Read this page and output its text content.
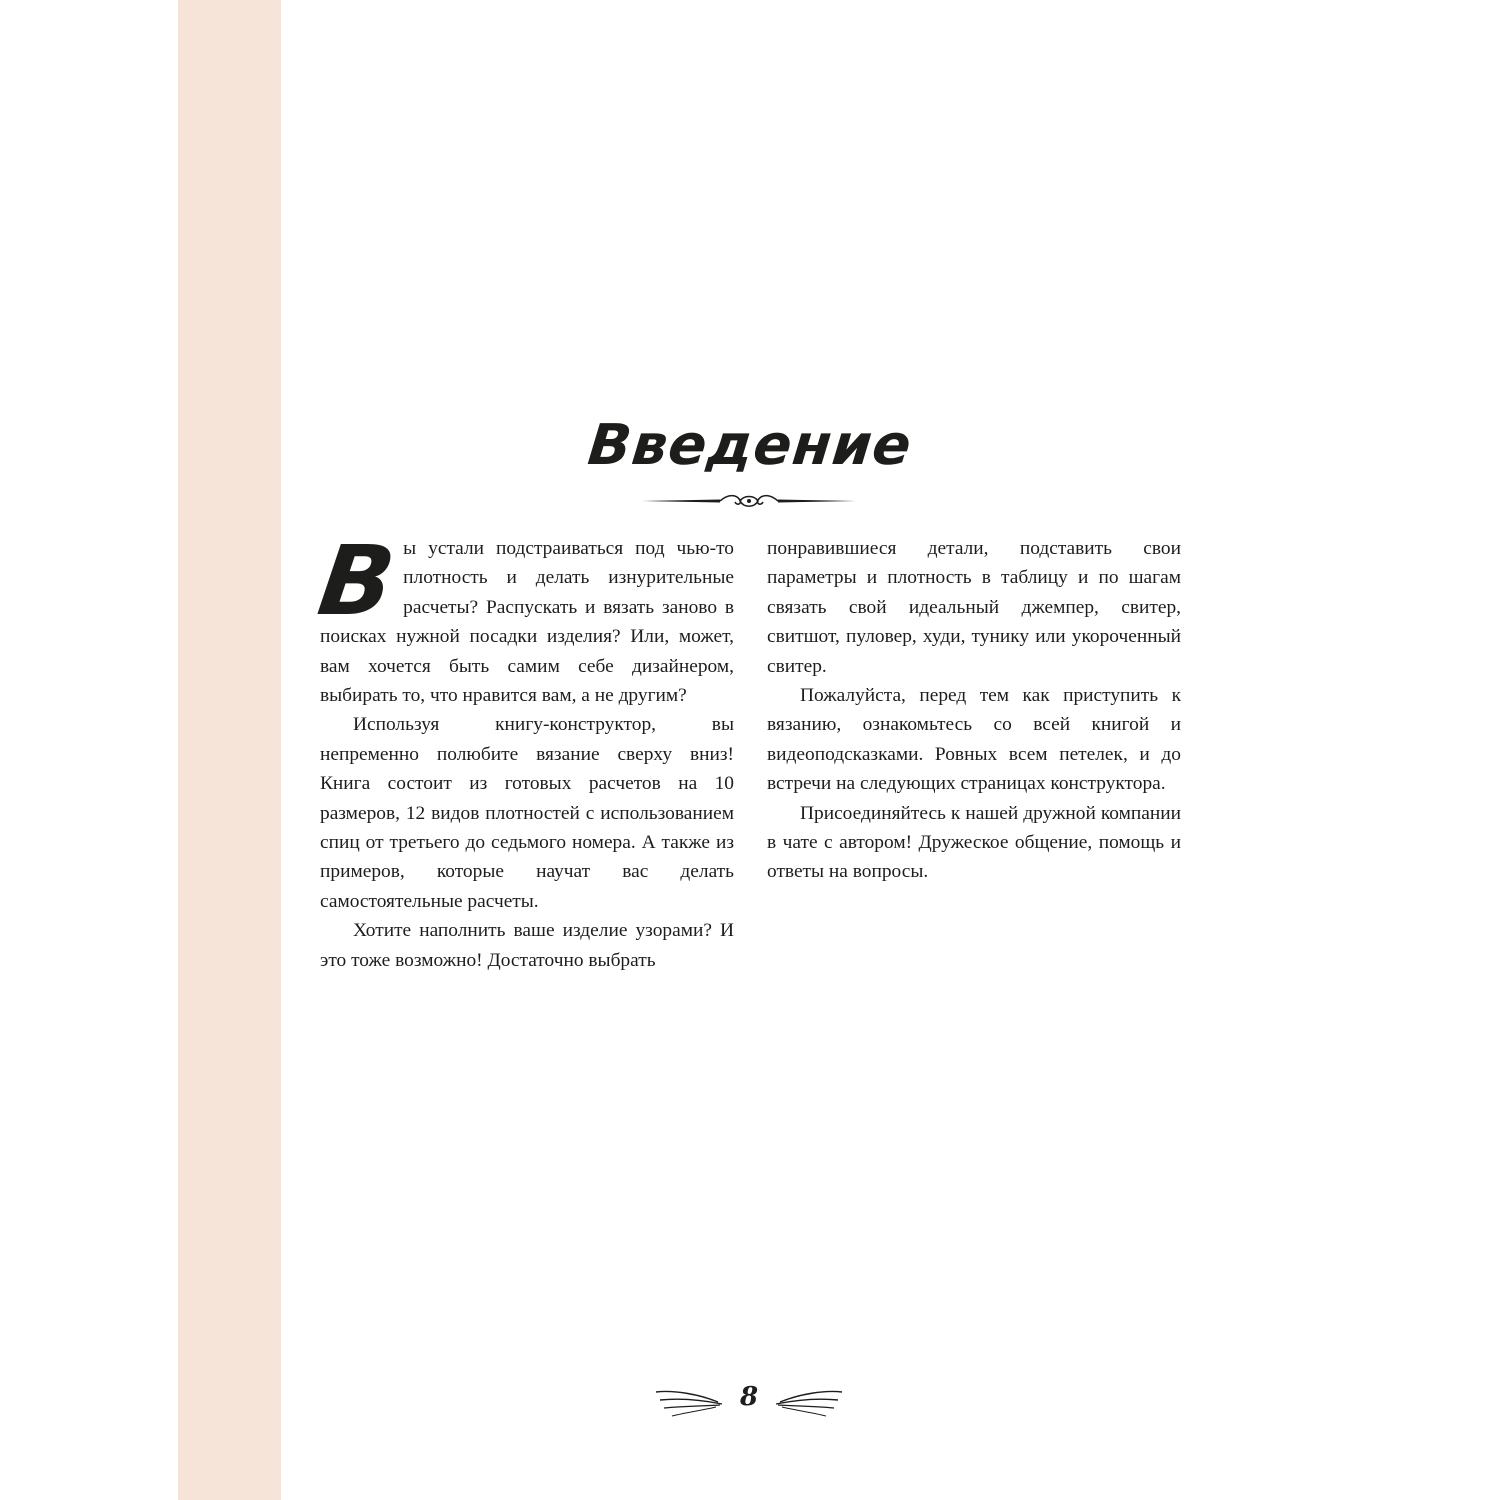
Введение

Вы устали подстраиваться под чью-то плотность и делать изнурительные расчеты? Распускать и вязать заново в поисках нужной посадки изделия? Или, может, вам хочется быть самим себе дизайнером, выбирать то, что нравится вам, а не другим?

Используя книгу-конструктор, вы непременно полюбите вязание сверху вниз! Книга состоит из готовых расчетов на 10 размеров, 12 видов плотностей с использованием спиц от третьего до седьмого номера. А также из примеров, которые научат вас делать самостоятельные расчеты.

Хотите наполнить ваше изделие узорами? И это тоже возможно! Достаточно выбрать

понравившиеся детали, подставить свои параметры и плотность в таблицу и по шагам связать свой идеальный джемпер, свитер, свитшот, пуловер, худи, тунику или укороченный свитер.

Пожалуйста, перед тем как приступить к вязанию, ознакомьтесь со всей книгой и видеоподсказками. Ровных всем петелек, и до встречи на следующих страницах конструктора.

Присоединяйтесь к нашей дружной компании в чате с автором! Дружеское общение, помощь и ответы на вопросы.

8
